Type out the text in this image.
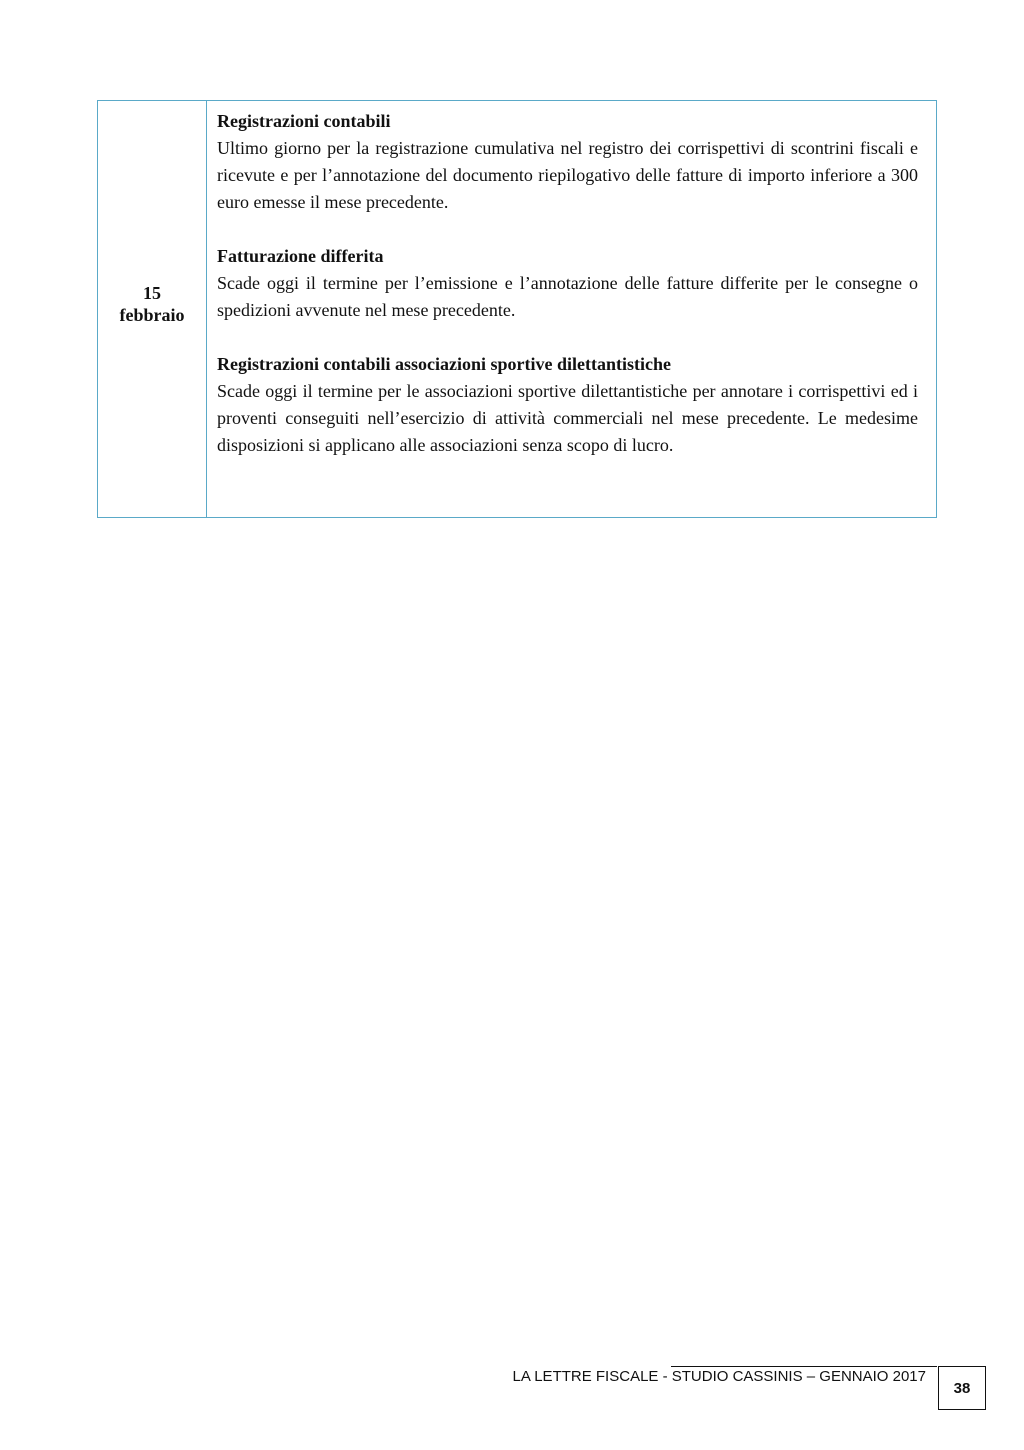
15
febbraio
Registrazioni contabili

Ultimo giorno per la registrazione cumulativa nel registro dei corrispettivi di scontrini fiscali e ricevute e per l’annotazione del documento riepilogativo delle fatture di importo inferiore a 300 euro emesse il mese precedente.

Fatturazione differita

Scade oggi il termine per l’emissione e l’annotazione delle fatture differite per le consegne o spedizioni avvenute nel mese precedente.

Registrazioni contabili associazioni sportive dilettantistiche

Scade oggi il termine per le associazioni sportive dilettantistiche per annotare i corrispettivi ed i proventi conseguiti nell’esercizio di attività commerciali nel mese precedente. Le medesime disposizioni si applicano alle associazioni senza scopo di lucro.

LA LETTRE FISCALE - STUDIO CASSINIS – GENNAIO 2017
38
